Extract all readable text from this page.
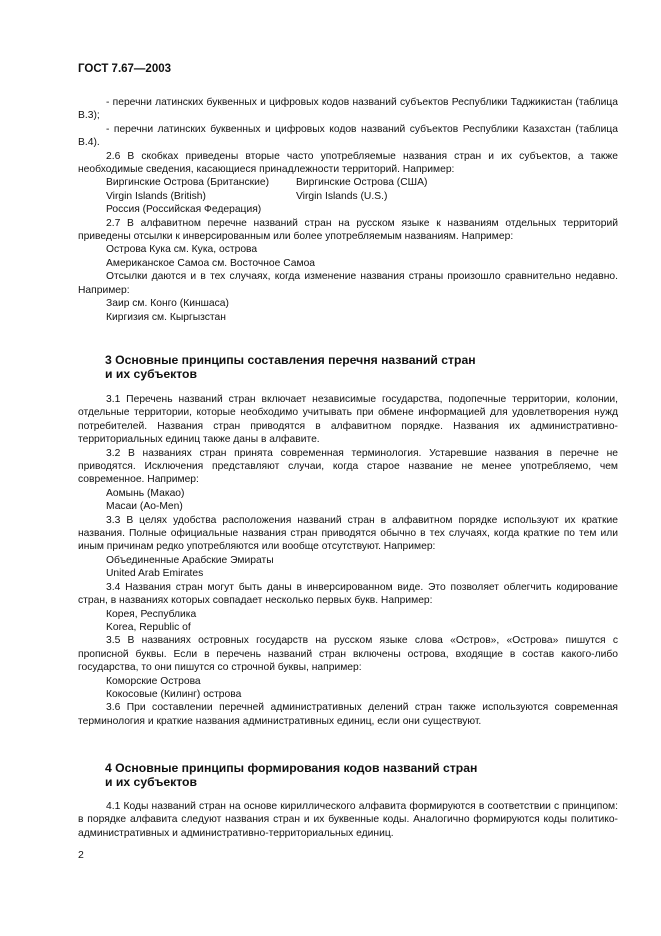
ГОСТ 7.67—2003

- перечни латинских буквенных и цифровых кодов названий субъектов Республики Таджикистан (таблица В.3);

- перечни латинских буквенных и цифровых кодов названий субъектов Республики Казахстан (таблица В.4).

2.6 В скобках приведены вторые часто употребляемые названия стран и их субъектов, а также необходимые сведения, касающиеся принадлежности территорий. Например:

Виргинские Острова (Британские)	Виргинские Острова (США)
Virgin Islands (British)	Virgin Islands (U.S.)

Россия (Российская Федерация)

2.7 В алфавитном перечне названий стран на русском языке к названиям отдельных территорий приведены отсылки к инверсированным или более употребляемым названиям. Например:

Острова Кука см. Кука, острова

Американское Самоа см. Восточное Самоа

Отсылки даются и в тех случаях, когда изменение названия страны произошло сравнительно недавно. Например:

Заир см. Конго (Киншаса)

Киргизия см. Кыргызстан

3 Основные принципы составления перечня названий стран
и их субъектов

3.1 Перечень названий стран включает независимые государства, подопечные территории, колонии, отдельные территории, которые необходимо учитывать при обмене информацией для удовлетворения нужд потребителей. Названия стран приводятся в алфавитном порядке. Названия их административно-территориальных единиц также даны в алфавите.

3.2 В названиях стран принята современная терминология. Устаревшие названия в перечне не приводятся. Исключения представляют случаи, когда старое название не менее употребляемо, чем современное. Например:

Аомынь (Макао)

Масаи (Ао-Men)

3.3 В целях удобства расположения названий стран в алфавитном порядке используют их краткие названия. Полные официальные названия стран приводятся обычно в тех случаях, когда краткие по тем или иным причинам редко употребляются или вообще отсутствуют. Например:

Объединенные Арабские Эмираты

United Arab Emirates

3.4 Названия стран могут быть даны в инверсированном виде. Это позволяет облегчить кодирование стран, в названиях которых совпадает несколько первых букв. Например:

Корея, Республика

Korea, Republic of

3.5 В названиях островных государств на русском языке слова «Остров», «Острова» пишутся с прописной буквы. Если в перечень названий стран включены острова, входящие в состав какого-либо государства, то они пишутся со строчной буквы, например:

Коморские Острова

Кокосовые (Килинг) острова

3.6 При составлении перечней административных делений стран также используются современная терминология и краткие названия административных единиц, если они существуют.

4 Основные принципы формирования кодов названий стран
и их субъектов

4.1 Коды названий стран на основе кириллического алфавита формируются в соответствии с принципом: в порядке алфавита следуют названия стран и их буквенные коды. Аналогично формируются коды политико-административных и административно-территориальных единиц.

2
